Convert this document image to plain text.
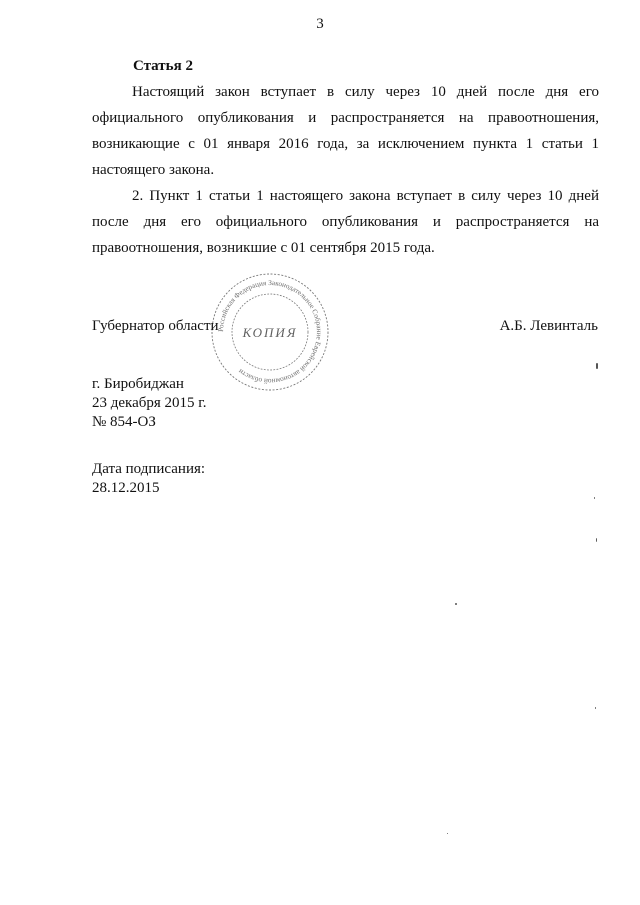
3
Статья 2

Настоящий закон вступает в силу через 10 дней после дня его официального опубликования и распространяется на правоотношения, возникающие с 01 января 2016 года, за исключением пункта 1 статьи 1 настоящего закона.

2. Пункт 1 статьи 1 настоящего закона вступает в силу через 10 дней после дня его официального опубликования и распространяется на правоотношения, возникшие с 01 сентября 2015 года.

Российская Федерация Законодательное Собрание Еврейской автономной области
КОПИЯ
Губернатор области	А.Б. Левинталь
г. Биробиджан
23 декабря 2015 г.
№ 854-ОЗ
Дата подписания:
28.12.2015
